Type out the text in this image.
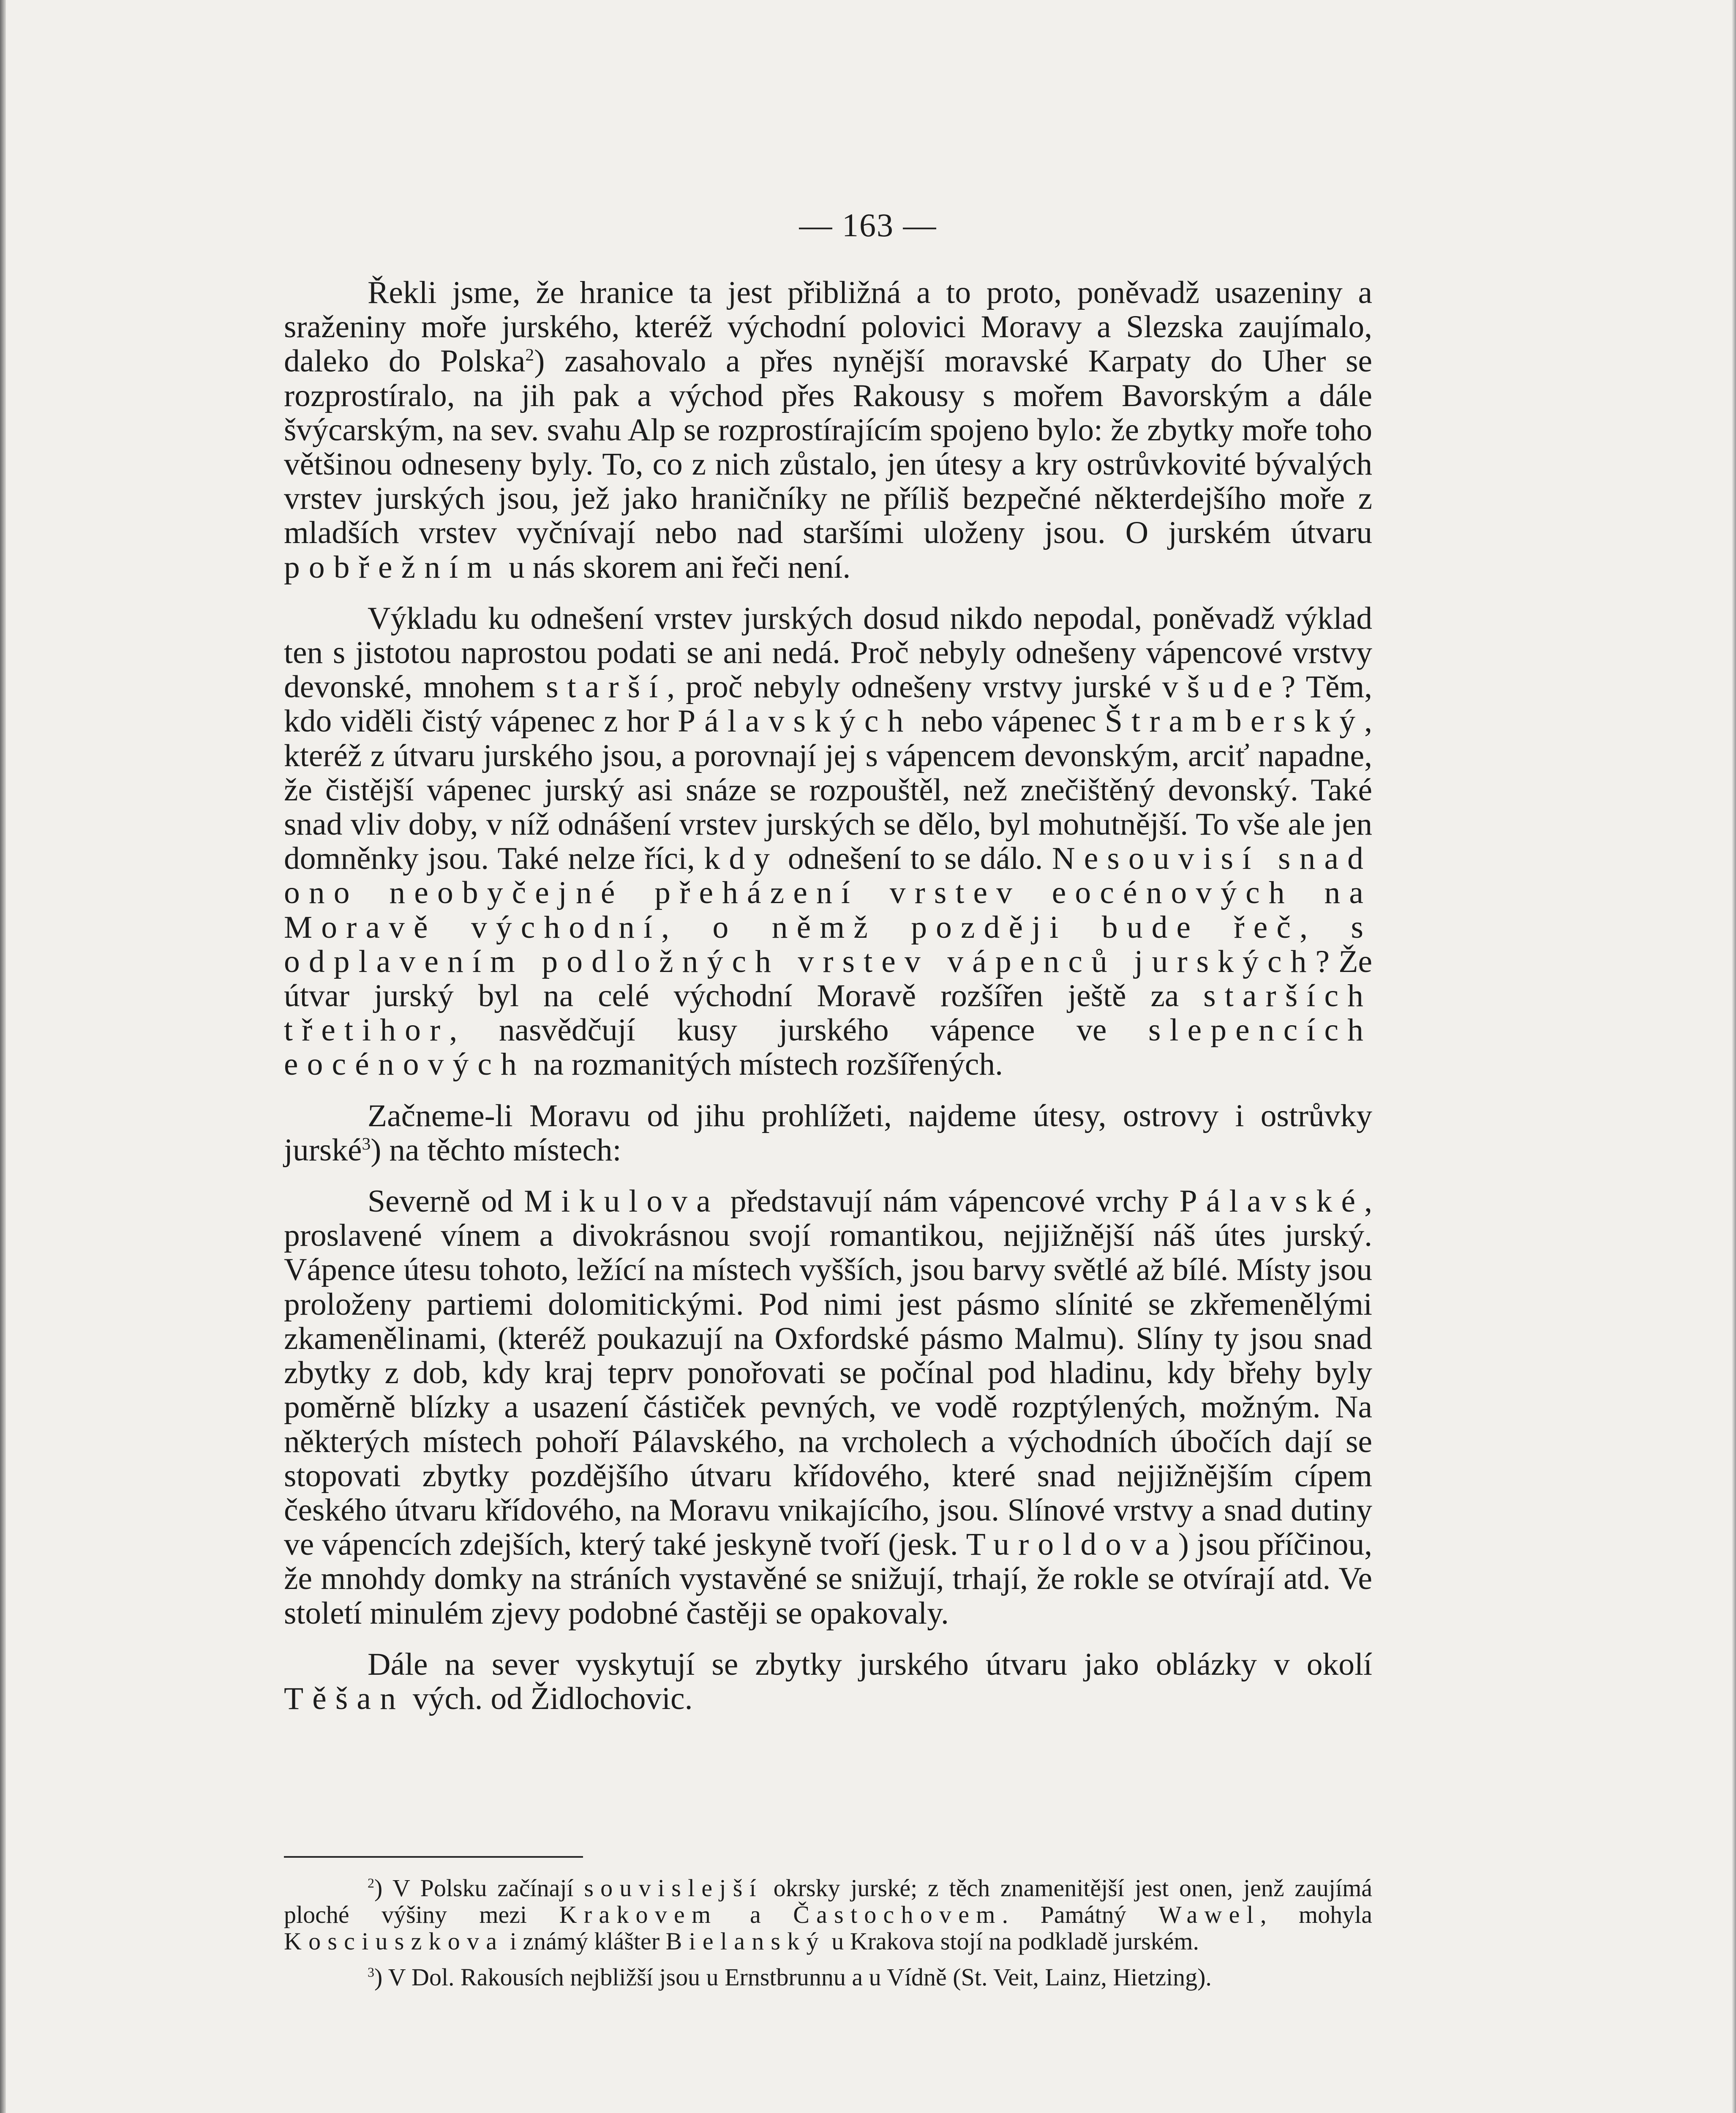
— 163 —

Řekli jsme, že hranice ta jest přibližná a to proto, poněvadž usazeniny a sraženiny moře jurského, kteréž východní polovici Moravy a Slezska zaujímalo, daleko do Polska$^2$) zasahovalo a přes nynější moravské Karpaty do Uher se rozprostíralo, na jih pak a východ přes Rakousy s mořem Bavorským a dále švýcarským, na sev. svahu Alp se rozprostírajícím spojeno bylo: že zbytky moře toho většinou odneseny byly. To, co z nich zůstalo, jen útesy a kry ostrůvkovité bývalých vrstev jurských jsou, jež jako hraničníky ne příliš bezpečné některdejšího moře z mladších vrstev vyčnívají nebo nad staršími uloženy jsou. O jurském útvaru pobřežním u nás skorem ani řeči není.

Výkladu ku odnešení vrstev jurských dosud nikdo nepodal, poněvadž výklad ten s jistotou naprostou podati se ani nedá. Proč nebyly odnešeny vápencové vrstvy devonské, mnohem starší, proč nebyly odnešeny vrstvy jurské všude? Těm, kdo viděli čistý vápenec z hor Pálavských nebo vápenec Štramberský, kteréž z útvaru jurského jsou, a porovnají jej s vápencem devonským, arciť napadne, že čistější vápenec jurský asi snáze se rozpouštěl, než znečištěný devonský. Také snad vliv doby, v níž odnášení vrstev jurských se dělo, byl mohutnější. To vše ale jen domněnky jsou. Také nelze říci, kdy odnešení to se dálo. Nesouvisí snad ono neobyčejné přeházení vrstev eocénových na Moravě východní, o němž později bude řeč, s odplavením podložných vrstev vápenců jurských? Že útvar jurský byl na celé východní Moravě rozšířen ještě za starších třetihor, nasvědčují kusy jurského vápence ve slepencích eocénových na rozmanitých místech rozšířených.

Začneme-li Moravu od jihu prohlížeti, najdeme útesy, ostrovy i ostrůvky jurské$^3$) na těchto místech:

Severně od Mikulova představují nám vápencové vrchy Pálavské, proslavené vínem a divokrásnou svojí romantikou, nejjižnější náš útes jurský. Vápence útesu tohoto, ležící na místech vyšších, jsou barvy světlé až bílé. Místy jsou proloženy partiemi dolomitickými. Pod nimi jest pásmo slínité se zkřemenělými zkamenělinami, (kteréž poukazují na Oxfordské pásmo Malmu). Slíny ty jsou snad zbytky z dob, kdy kraj teprv ponořovati se počínal pod hladinu, kdy břehy byly poměrně blízky a usazení částiček pevných, ve vodě rozptýlených, možným. Na některých místech pohoří Pálavského, na vrcholech a východních úbočích dají se stopovati zbytky pozdějšího útvaru křídového, které snad nejjižnějším cípem českého útvaru křídového, na Moravu vnikajícího, jsou. Slínové vrstvy a snad dutiny ve vápencích zdejších, který také jeskyně tvoří (jesk. Turoldova) jsou příčinou, že mnohdy domky na stráních vystavěné se snižují, trhají, že rokle se otvírají atd. Ve století minulém zjevy podobné častěji se opakovaly.

Dále na sever vyskytují se zbytky jurského útvaru jako oblázky v okolí Těšan vých. od Židlochovic.

$^2$) V Polsku začínají souvislejší okrsky jurské; z těch znamenitější jest onen, jenž zaujímá ploché výšiny mezi Krakovem a Častochovem. Památný Wawel, mohyla Kosciuszkova i známý klášter Bielanský u Krakova stojí na podkladě jurském.

$^3$) V Dol. Rakousích nejbližší jsou u Ernstbrunnu a u Vídně (St. Veit, Lainz, Hietzing).
